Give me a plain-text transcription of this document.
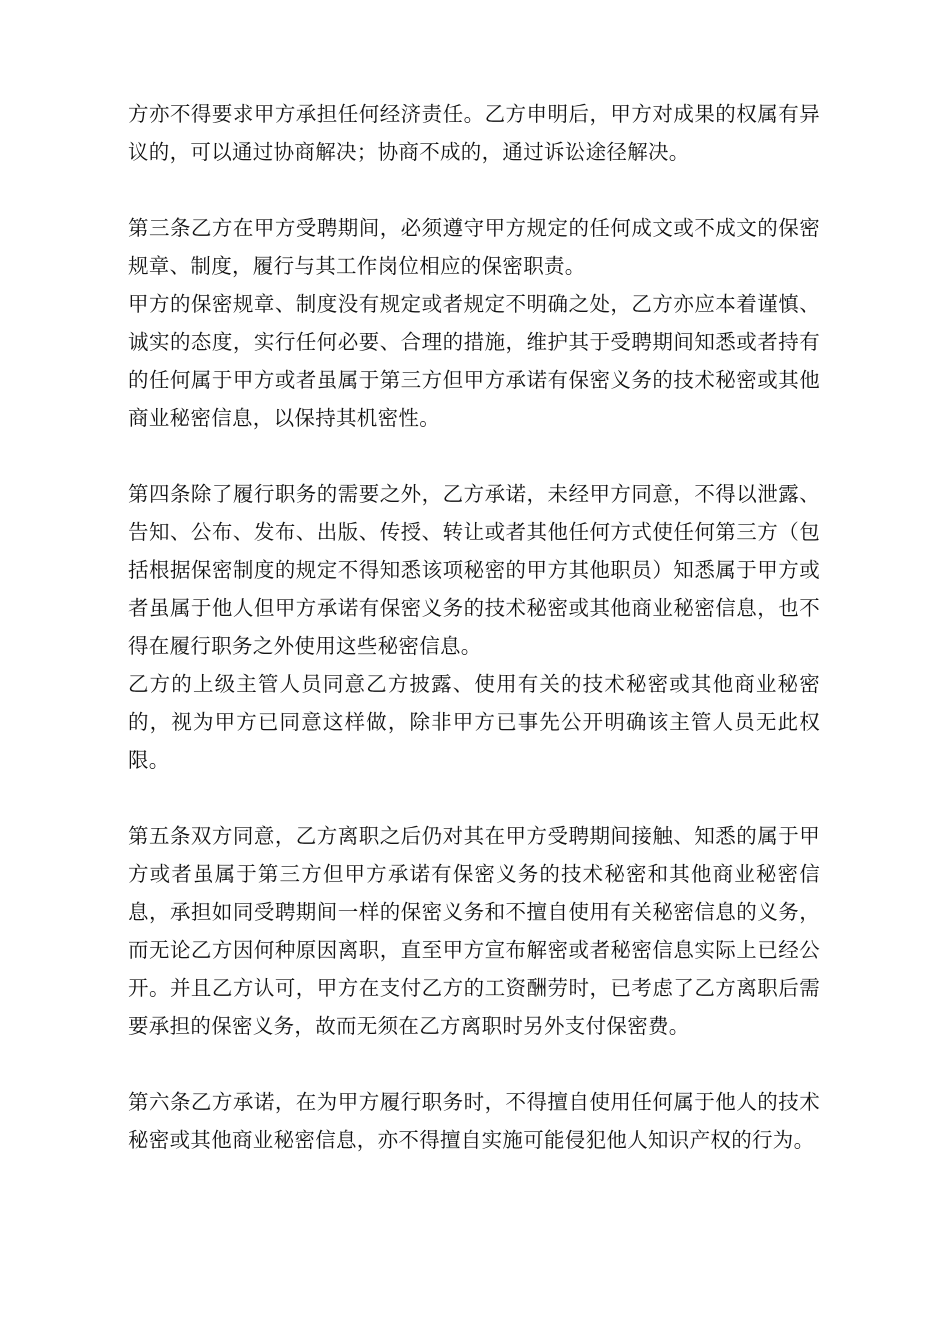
方亦不得要求甲方承担任何经济责任。乙方申明后，甲方对成果的权属有异议的，可以通过协商解决；协商不成的，通过诉讼途径解决。

第三条乙方在甲方受聘期间，必须遵守甲方规定的任何成文或不成文的保密规章、制度，履行与其工作岗位相应的保密职责。

甲方的保密规章、制度没有规定或者规定不明确之处，乙方亦应本着谨慎、诚实的态度，实行任何必要、合理的措施，维护其于受聘期间知悉或者持有的任何属于甲方或者虽属于第三方但甲方承诺有保密义务的技术秘密或其他商业秘密信息，以保持其机密性。

第四条除了履行职务的需要之外，乙方承诺，未经甲方同意，不得以泄露、告知、公布、发布、出版、传授、转让或者其他任何方式使任何第三方（包括根据保密制度的规定不得知悉该项秘密的甲方其他职员）知悉属于甲方或者虽属于他人但甲方承诺有保密义务的技术秘密或其他商业秘密信息，也不得在履行职务之外使用这些秘密信息。

乙方的上级主管人员同意乙方披露、使用有关的技术秘密或其他商业秘密的，视为甲方已同意这样做，除非甲方已事先公开明确该主管人员无此权限。

第五条双方同意，乙方离职之后仍对其在甲方受聘期间接触、知悉的属于甲方或者虽属于第三方但甲方承诺有保密义务的技术秘密和其他商业秘密信息，承担如同受聘期间一样的保密义务和不擅自使用有关秘密信息的义务，而无论乙方因何种原因离职，直至甲方宣布解密或者秘密信息实际上已经公开。并且乙方认可，甲方在支付乙方的工资酬劳时，已考虑了乙方离职后需要承担的保密义务，故而无须在乙方离职时另外支付保密费。

第六条乙方承诺，在为甲方履行职务时，不得擅自使用任何属于他人的技术秘密或其他商业秘密信息，亦不得擅自实施可能侵犯他人知识产权的行为。
